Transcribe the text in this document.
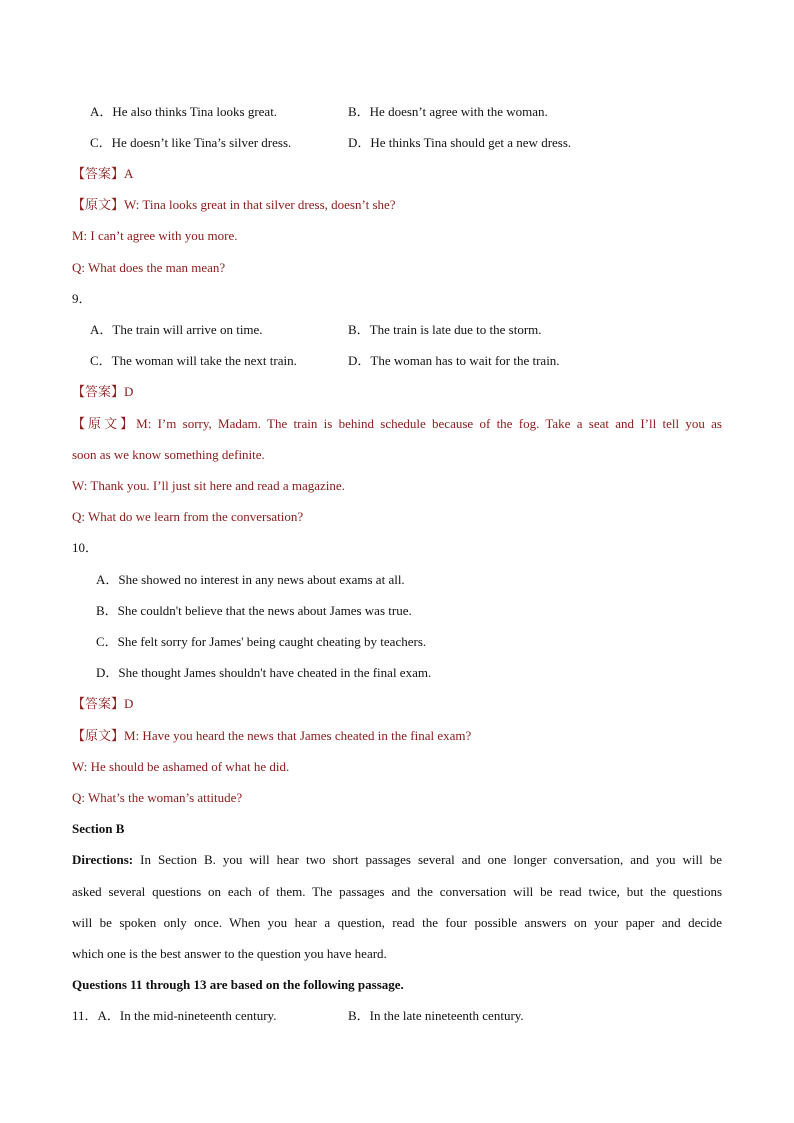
A．He also thinks Tina looks great.	B．He doesn’t agree with the woman.
C．He doesn’t like Tina’s silver dress.	D．He thinks Tina should get a new dress.
【答案】A
【原文】W: Tina looks great in that silver dress, doesn’t she?
M: I can’t agree with you more.
Q: What does the man mean?
9．
A．The train will arrive on time.	B．The train is late due to the storm.
C．The woman will take the next train.	D．The woman has to wait for the train.
【答案】D
【原文】M: I’m sorry, Madam. The train is behind schedule because of the fog. Take a seat and I’ll tell you as
soon as we know something definite.
W: Thank you. I’ll just sit here and read a magazine.
Q: What do we learn from the conversation?
10．
A．She showed no interest in any news about exams at all.
B．She couldn't believe that the news about James was true.
C．She felt sorry for James' being caught cheating by teachers.
D．She thought James shouldn't have cheated in the final exam.
【答案】D
【原文】M: Have you heard the news that James cheated in the final exam?
W: He should be ashamed of what he did.
Q: What’s the woman’s attitude?
Section B
Directions: In Section B. you will hear two short passages several and one longer conversation, and you will be
asked several questions on each of them. The passages and the conversation will be read twice, but the questions
will be spoken only once. When you hear a question, read the four possible answers on your paper and decide
which one is the best answer to the question you have heard.
Questions 11 through 13 are based on the following passage.
11．A．In the mid-nineteenth century.	B．In the late nineteenth century.
